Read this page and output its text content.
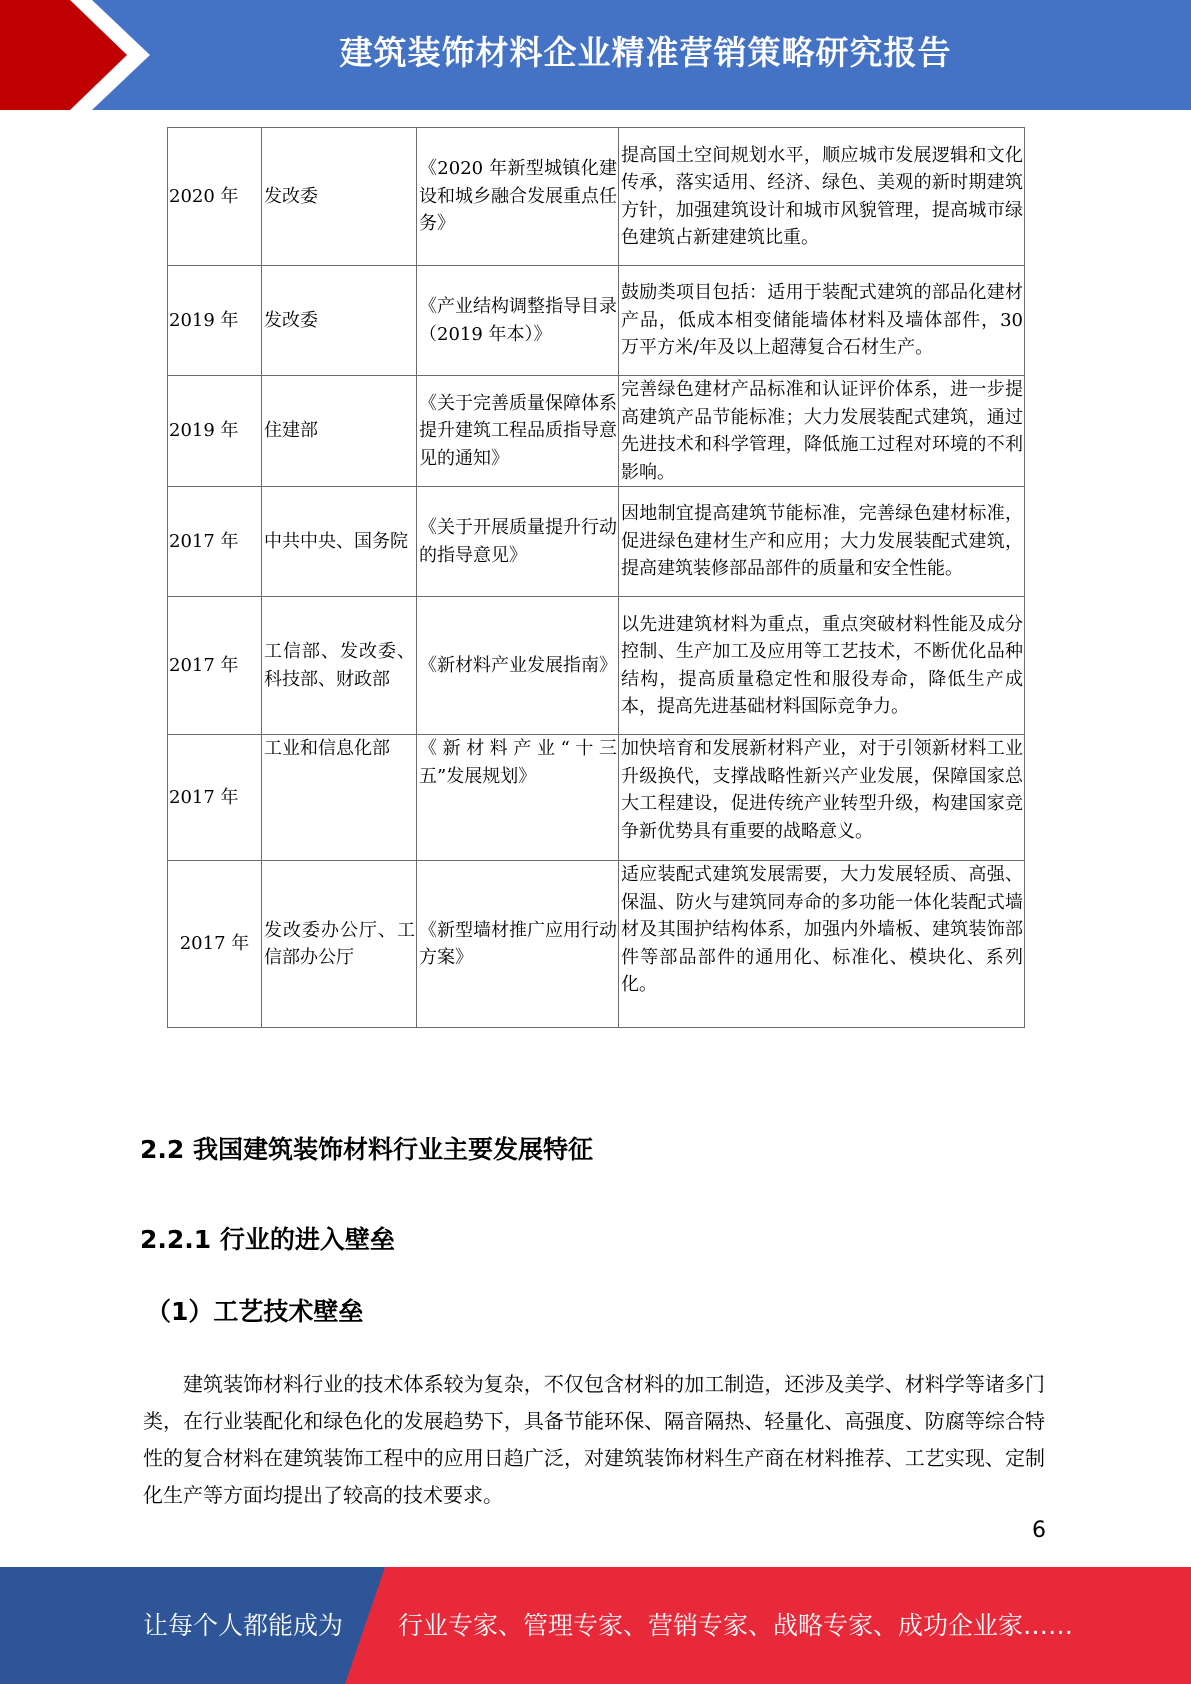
建筑装饰材料企业精准营销策略研究报告
2020 年	发改委	《2020 年新型城镇化建设和城乡融合发展重点任务》	提高国土空间规划水平，顺应城市发展逻辑和文化传承，落实适用、经济、绿色、美观的新时期建筑方针，加强建筑设计和城市风貌管理，提高城市绿色建筑占新建建筑比重。
2019 年	发改委	《产业结构调整指导目录（2019 年本）》	鼓励类项目包括：适用于装配式建筑的部品化建材产品，低成本相变储能墙体材料及墙体部件，30 万平方米/年及以上超薄复合石材生产。
2019 年	住建部	《关于完善质量保障体系提升建筑工程品质指导意见的通知》	完善绿色建材产品标准和认证评价体系，进一步提高建筑产品节能标准；大力发展装配式建筑，通过先进技术和科学管理，降低施工过程对环境的不利影响。
2017 年	中共中央、国务院	《关于开展质量提升行动的指导意见》	因地制宜提高建筑节能标准，完善绿色建材标准，促进绿色建材生产和应用；大力发展装配式建筑，提高建筑装修部品部件的质量和安全性能。
2017 年	工信部、发改委、科技部、财政部	《新材料产业发展指南》	以先进建筑材料为重点，重点突破材料性能及成分控制、生产加工及应用等工艺技术，不断优化品种结构，提高质量稳定性和服役寿命，降低生产成本，提高先进基础材料国际竞争力。
2017 年	工业和信息化部	《新材料产业“十三五”发展规划》	加快培育和发展新材料产业，对于引领新材料工业升级换代，支撑战略性新兴产业发展，保障国家总大工程建设，促进传统产业转型升级，构建国家竞争新优势具有重要的战略意义。
2017 年	发改委办公厅、工信部办公厅	《新型墙材推广应用行动方案》	适应装配式建筑发展需要，大力发展轻质、高强、保温、防火与建筑同寿命的多功能一体化装配式墙材及其围护结构体系，加强内外墙板、建筑装饰部件等部品部件的通用化、标准化、模块化、系列化。
2.2 我国建筑装饰材料行业主要发展特征
2.2.1 行业的进入壁垒
（1）工艺技术壁垒

建筑装饰材料行业的技术体系较为复杂，不仅包含材料的加工制造，还涉及美学、材料学等诸多门类，在行业装配化和绿色化的发展趋势下，具备节能环保、隔音隔热、轻量化、高强度、防腐等综合特性的复合材料在建筑装饰工程中的应用日趋广泛，对建筑装饰材料生产商在材料推荐、工艺实现、定制化生产等方面均提出了较高的技术要求。

6
让每个人都能成为 行业专家、管理专家、营销专家、战略专家、成功企业家……
